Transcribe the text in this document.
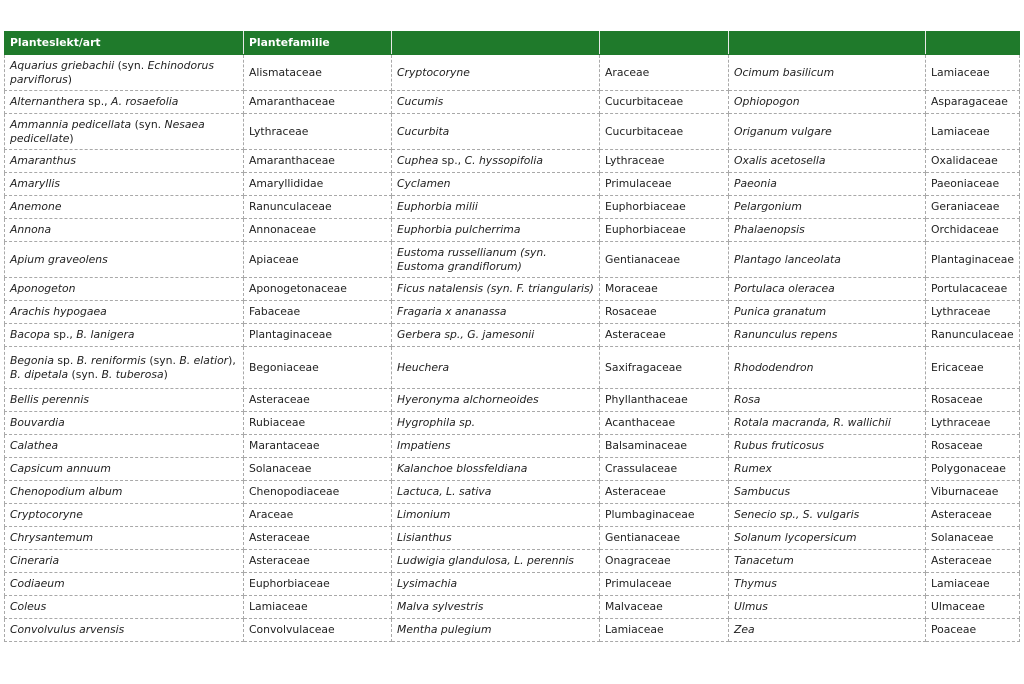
Planteslekt/art	Plantefamilie				
Aquarius griebachii (syn. Echinodorus parviflorus)	Alismataceae	Cryptocoryne	Araceae	Ocimum basilicum	Lamiaceae
Alternanthera sp., A. rosaefolia	Amaranthaceae	Cucumis	Cucurbitaceae	Ophiopogon	Asparagaceae
Ammannia pedicellata (syn. Nesaea pedicellate)	Lythraceae	Cucurbita	Cucurbitaceae	Origanum vulgare	Lamiaceae
Amaranthus	Amaranthaceae	Cuphea sp., C. hyssopifolia	Lythraceae	Oxalis acetosella	Oxalidaceae
Amaryllis	Amaryllididae	Cyclamen	Primulaceae	Paeonia	Paeoniaceae
Anemone	Ranunculaceae	Euphorbia milii	Euphorbiaceae	Pelargonium	Geraniaceae
Annona	Annonaceae	Euphorbia pulcherrima	Euphorbiaceae	Phalaenopsis	Orchidaceae
Apium graveolens	Apiaceae	Eustoma russellianum (syn. Eustoma grandiflorum)	Gentianaceae	Plantago lanceolata	Plantaginaceae
Aponogeton	Aponogetonaceae	Ficus natalensis (syn. F. triangularis)	Moraceae	Portulaca oleracea	Portulacaceae
Arachis hypogaea	Fabaceae	Fragaria x ananassa	Rosaceae	Punica granatum	Lythraceae
Bacopa sp., B. lanigera	Plantaginaceae	Gerbera sp., G. jamesonii	Asteraceae	Ranunculus repens	Ranunculaceae
Begonia sp. B. reniformis (syn. B. elatior), B. dipetala (syn. B. tuberosa)	Begoniaceae	Heuchera	Saxifragaceae	Rhododendron	Ericaceae
Bellis perennis	Asteraceae	Hyeronyma alchorneoides	Phyllanthaceae	Rosa	Rosaceae
Bouvardia	Rubiaceae	Hygrophila sp.	Acanthaceae	Rotala macranda, R. wallichii	Lythraceae
Calathea	Marantaceae	Impatiens	Balsaminaceae	Rubus fruticosus	Rosaceae
Capsicum annuum	Solanaceae	Kalanchoe blossfeldiana	Crassulaceae	Rumex	Polygonaceae
Chenopodium album	Chenopodiaceae	Lactuca, L. sativa	Asteraceae	Sambucus	Viburnaceae
Cryptocoryne	Araceae	Limonium	Plumbaginaceae	Senecio sp., S. vulgaris	Asteraceae
Chrysantemum	Asteraceae	Lisianthus	Gentianaceae	Solanum lycopersicum	Solanaceae
Cineraria	Asteraceae	Ludwigia glandulosa, L. perennis	Onagraceae	Tanacetum	Asteraceae
Codiaeum	Euphorbiaceae	Lysimachia	Primulaceae	Thymus	Lamiaceae
Coleus	Lamiaceae	Malva sylvestris	Malvaceae	Ulmus	Ulmaceae
Convolvulus arvensis	Convolvulaceae	Mentha pulegium	Lamiaceae	Zea	Poaceae
